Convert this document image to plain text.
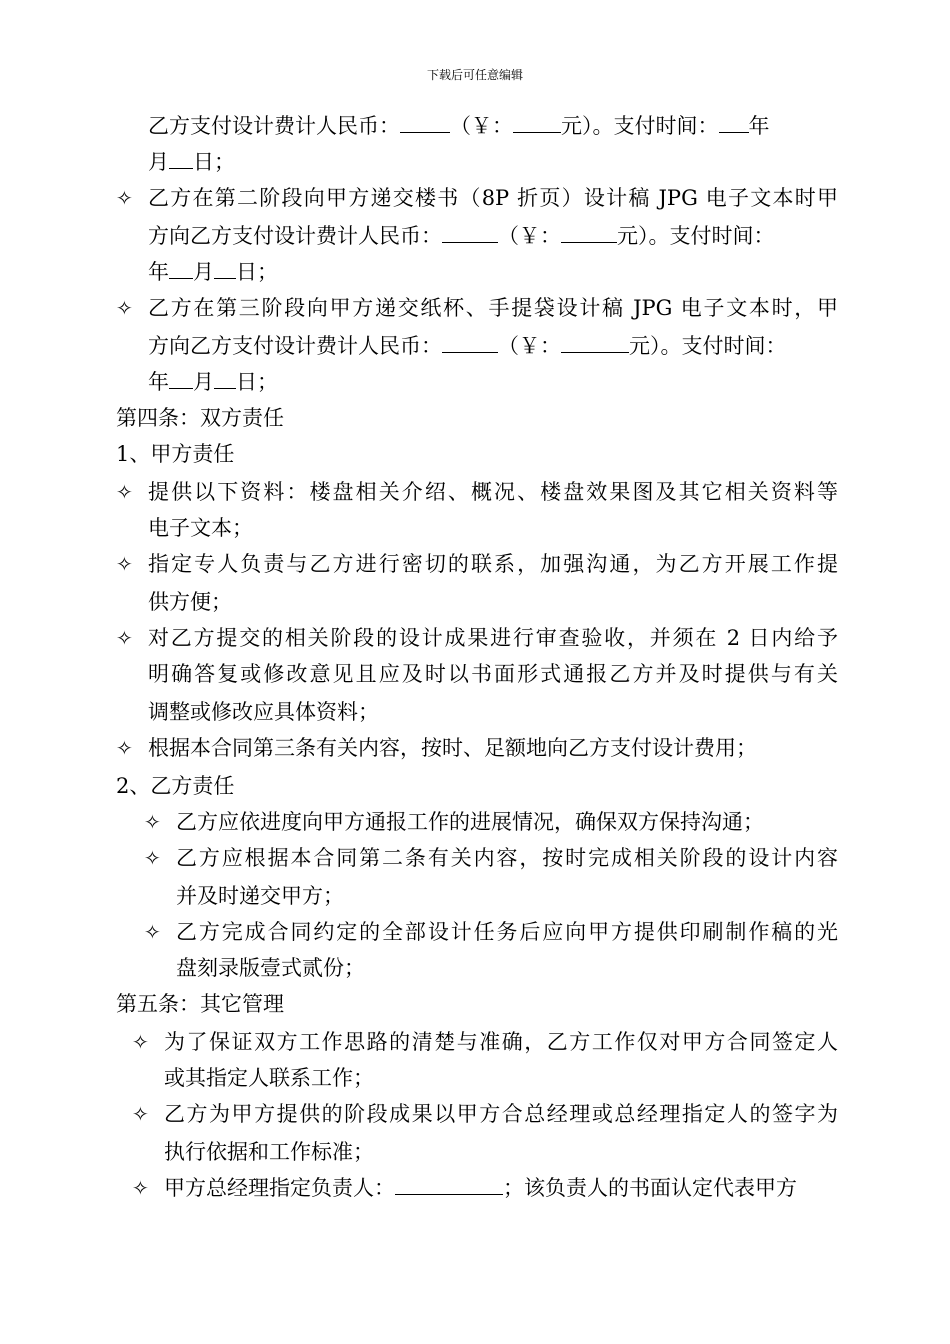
下载后可任意编辑
乙方支付设计费计人民币： （￥： 元）。支付时间： 年
月 日；
✧ 乙方在第二阶段向甲方递交楼书（8P 折页）设计稿 JPG 电子文本时甲
方向乙方支付设计费计人民币：	（￥：	元）。支付时间：
年 月 日；
✧ 乙方在第三阶段向甲方递交纸杯、手提袋设计稿 JPG 电子文本时，甲
方向乙方支付设计费计人民币：	（￥：	元）。支付时间：
年 月 日；
第四条：双方责任
1、甲方责任
✧ 提供以下资料：楼盘相关介绍、概况、楼盘效果图及其它相关资料等
电子文本；
✧ 指定专人负责与乙方进行密切的联系，加强沟通，为乙方开展工作提
供方便；
✧ 对乙方提交的相关阶段的设计成果进行审查验收，并须在 2 日内给予
明确答复或修改意见且应及时以书面形式通报乙方并及时提供与有关
调整或修改应具体资料；
✧ 根据本合同第三条有关内容，按时、足额地向乙方支付设计费用；
2、乙方责任
✧ 乙方应依进度向甲方通报工作的进展情况，确保双方保持沟通；
✧ 乙方应根据本合同第二条有关内容，按时完成相关阶段的设计内容
并及时递交甲方；
✧ 乙方完成合同约定的全部设计任务后应向甲方提供印刷制作稿的光
盘刻录版壹式贰份；
第五条：其它管理
✧ 为了保证双方工作思路的清楚与准确，乙方工作仅对甲方合同签定人
或其指定人联系工作；
✧ 乙方为甲方提供的阶段成果以甲方合总经理或总经理指定人的签字为
执行依据和工作标准；
✧ 甲方总经理指定负责人：	；该负责人的书面认定代表甲方
